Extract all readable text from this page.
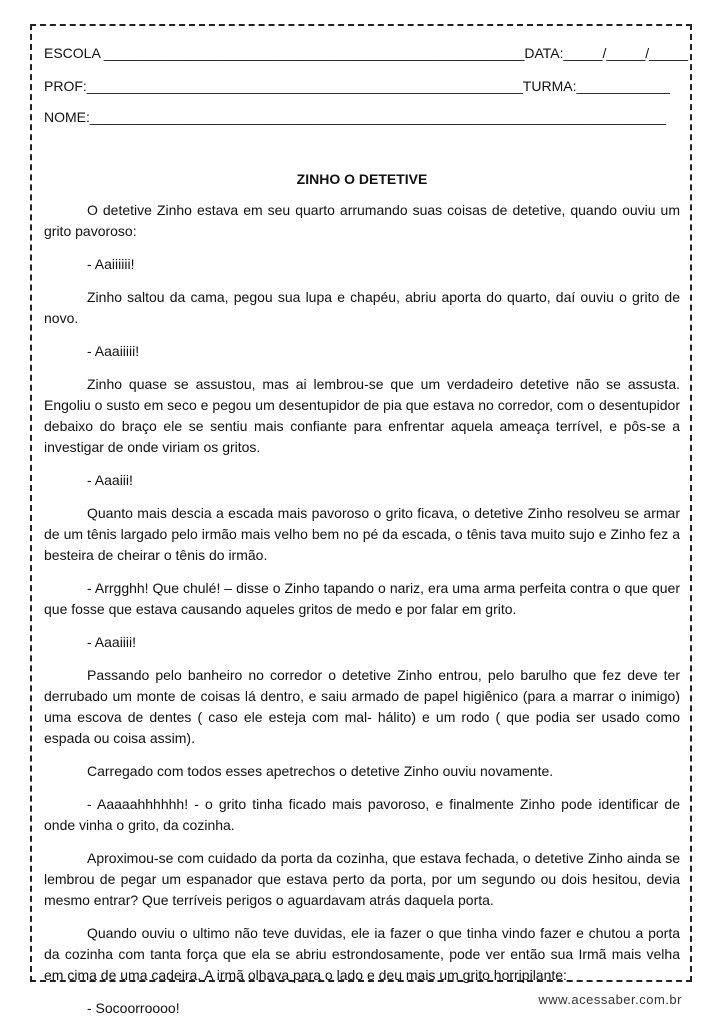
ESCOLA ______________________________________________________DATA:_____/_____/_____
PROF:________________________________________________________TURMA:____________
NOME:__________________________________________________________________________
ZINHO O DETETIVE

O detetive Zinho estava em seu quarto arrumando suas coisas de detetive, quando ouviu um grito pavoroso:

- Aaiiiiii!

Zinho saltou da cama, pegou sua lupa e chapéu, abriu aporta do quarto, daí ouviu o grito de novo.

- Aaaiiiii!

Zinho quase se assustou, mas ai lembrou-se que um verdadeiro detetive não se assusta. Engoliu o susto em seco e pegou um desentupidor de pia que estava no corredor, com o desentupidor debaixo do braço ele se sentiu mais confiante para enfrentar aquela ameaça terrível, e pôs-se a investigar de onde viriam os gritos.

- Aaaiii!

Quanto mais descia a escada mais pavoroso o grito ficava, o detetive Zinho resolveu se armar de um tênis largado pelo irmão mais velho bem no pé da escada, o tênis tava muito sujo e Zinho fez a besteira de cheirar o tênis do irmão.

- Arrgghh! Que chulé! – disse o Zinho tapando o nariz, era uma arma perfeita contra o que quer que fosse que estava causando aqueles gritos de medo e por falar em grito.

- Aaaiiii!

Passando pelo banheiro no corredor o detetive Zinho entrou, pelo barulho que fez deve ter derrubado um monte de coisas lá dentro, e saiu armado de papel higiênico (para a marrar o inimigo) uma escova de dentes ( caso ele esteja com mal- hálito) e um rodo ( que podia ser usado como espada ou coisa assim).

Carregado com todos esses apetrechos o detetive Zinho ouviu novamente.

- Aaaaahhhhhh! - o grito tinha ficado mais pavoroso, e finalmente Zinho pode identificar de onde vinha o grito, da cozinha.

Aproximou-se com cuidado da porta da cozinha, que estava fechada, o detetive Zinho ainda se lembrou de pegar um espanador que estava perto da porta, por um segundo ou dois hesitou, devia mesmo entrar? Que terríveis perigos o aguardavam atrás daquela porta.

Quando ouviu o ultimo não teve duvidas, ele ia fazer o que tinha vindo fazer e chutou a porta da cozinha com tanta força que ela se abriu estrondosamente, pode ver então sua Irmã mais velha em cima de uma cadeira. A irmã olhava para o lado e deu mais um grito horripilante:

- Socoorroooo!

www.acessaber.com.br
